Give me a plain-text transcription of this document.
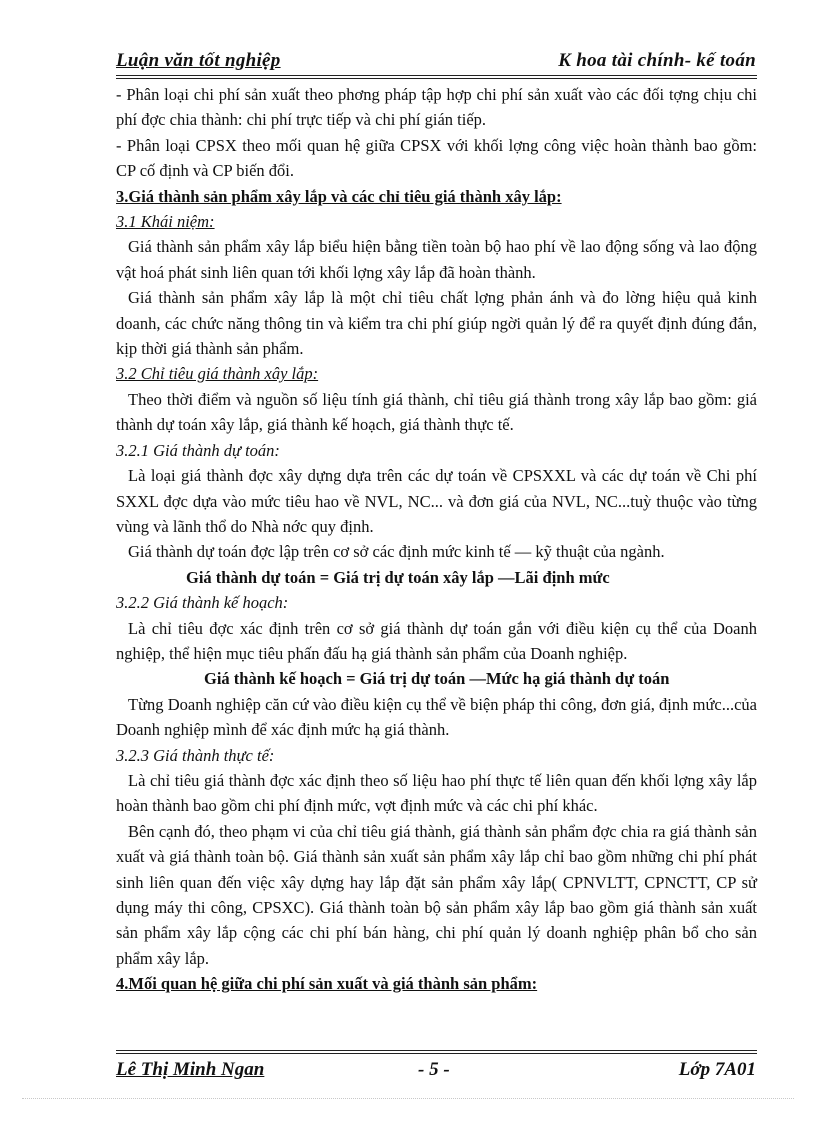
Luận văn tốt nghiệp	K hoa tài chính- kế toán

- Phân loại chi phí sản xuất theo phơng pháp tập hợp chi phí sản xuất vào các đối tợng chịu chi phí đợc chia thành: chi phí trực tiếp và chi phí gián tiếp.

- Phân loại CPSX theo mối quan hệ giữa CPSX với khối lợng công việc hoàn thành bao gồm: CP cố định và CP biến đổi.

3.Giá thành sản phẩm xây lắp và các chỉ tiêu giá thành xây lắp:

3.1 Khái niệm:

Giá thành sản phẩm xây lắp biểu hiện bằng tiền toàn bộ hao phí về lao động sống và lao động vật hoá phát sinh liên quan tới khối lợng xây lắp đã hoàn thành.

Giá thành sản phẩm xây lắp là một chỉ tiêu chất lợng phản ánh và đo lờng hiệu quả kinh doanh, các chức năng thông tin và kiểm tra chi phí giúp ngời quản lý để ra quyết định đúng đắn, kịp thời giá thành sản phẩm.

3.2 Chỉ tiêu giá thành xây lắp:

Theo thời điểm và nguồn số liệu tính giá thành, chỉ tiêu giá thành trong xây lắp bao gồm: giá thành dự toán xây lắp, giá thành kế hoạch, giá thành thực tế.

3.2.1 Giá thành dự toán:

Là loại giá thành đợc xây dựng dựa trên các dự toán về CPSXXL và các dự toán về Chi phí SXXL đợc dựa vào mức tiêu hao về NVL, NC... và đơn giá của NVL, NC...tuỳ thuộc vào từng vùng và lãnh thổ do Nhà nớc quy định.

Giá thành dự toán đợc lập trên cơ sở các định mức kinh tế — kỹ thuật của ngành.

Giá thành dự toán = Giá trị dự toán xây lắp —Lãi định mức

3.2.2 Giá thành kế hoạch:

Là chỉ tiêu đợc xác định trên cơ sở giá thành dự toán gắn với điều kiện cụ thể của Doanh nghiệp, thể hiện mục tiêu phấn đấu hạ giá thành sản phẩm của Doanh nghiệp.

Giá thành kế hoạch = Giá trị dự toán —Mức hạ giá thành dự toán

Từng Doanh nghiệp căn cứ vào điều kiện cụ thể về biện pháp thi công, đơn giá, định mức...của Doanh nghiệp mình để xác định mức hạ giá thành.

3.2.3 Giá thành thực tế:

Là chỉ tiêu giá thành đợc xác định theo số liệu hao phí thực tế liên quan đến khối lợng xây lắp hoàn thành bao gồm chi phí định mức, vợt định mức và các chi phí khác.

Bên cạnh đó, theo phạm vi của chỉ tiêu giá thành, giá thành sản phẩm đợc chia ra giá thành sản xuất và giá thành toàn bộ. Giá thành sản xuất sản phẩm xây lắp chỉ bao gồm những chi phí phát sinh liên quan đến việc xây dựng hay lắp đặt sản phẩm xây lắp( CPNVLTT, CPNCTT, CP sử dụng máy thi công, CPSXC). Giá thành toàn bộ sản phẩm xây lắp bao gồm giá thành sản xuất sản phẩm xây lắp cộng các chi phí bán hàng, chi phí quản lý doanh nghiệp phân bổ cho sản phẩm xây lắp.

4.Mối quan hệ giữa chi phí sản xuất và giá thành sản phẩm:

Lê Thị Minh Ngan	- 5 -	Lớp 7A01
